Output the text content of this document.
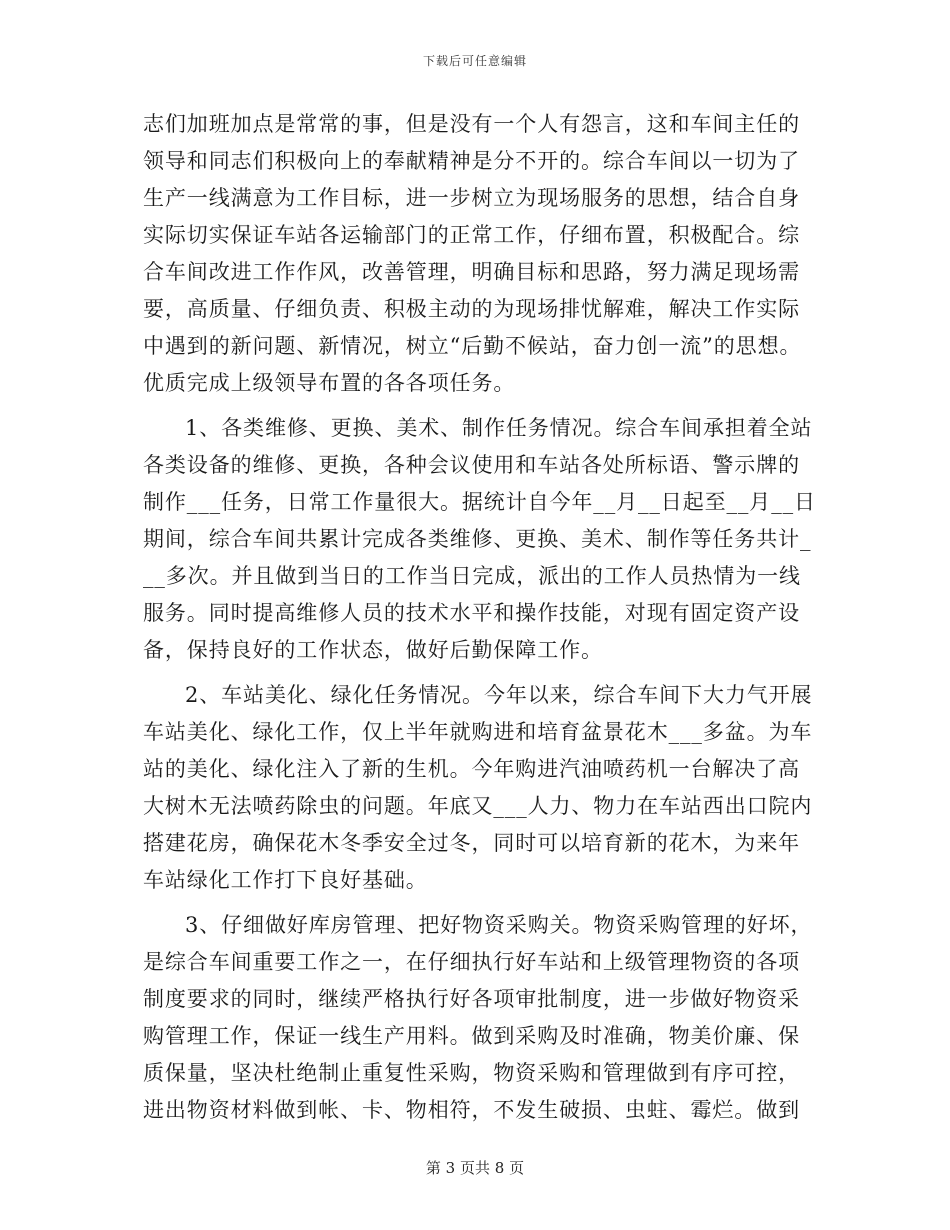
下载后可任意编辑
志们加班加点是常常的事，但是没有一个人有怨言，这和车间主任的
领导和同志们积极向上的奉献精神是分不开的。综合车间以一切为了
生产一线满意为工作目标，进一步树立为现场服务的思想，结合自身
实际切实保证车站各运输部门的正常工作，仔细布置，积极配合。综
合车间改进工作作风，改善管理，明确目标和思路，努力满足现场需
要，高质量、仔细负责、积极主动的为现场排忧解难，解决工作实际
中遇到的新问题、新情况，树立“后勤不候站，奋力创一流”的思想。
优质完成上级领导布置的各各项任务。
1、各类维修、更换、美术、制作任务情况。综合车间承担着全站
各类设备的维修、更换，各种会议使用和车站各处所标语、警示牌的
制作___任务，日常工作量很大。据统计自今年__月__日起至__月__日
期间，综合车间共累计完成各类维修、更换、美术、制作等任务共计_
__多次。并且做到当日的工作当日完成，派出的工作人员热情为一线
服务。同时提高维修人员的技术水平和操作技能，对现有固定资产设
备，保持良好的工作状态，做好后勤保障工作。
2、车站美化、绿化任务情况。今年以来，综合车间下大力气开展
车站美化、绿化工作，仅上半年就购进和培育盆景花木___多盆。为车
站的美化、绿化注入了新的生机。今年购进汽油喷药机一台解决了高
大树木无法喷药除虫的问题。年底又___人力、物力在车站西出口院内
搭建花房，确保花木冬季安全过冬，同时可以培育新的花木，为来年
车站绿化工作打下良好基础。
3、仔细做好库房管理、把好物资采购关。物资采购管理的好坏，
是综合车间重要工作之一，在仔细执行好车站和上级管理物资的各项
制度要求的同时，继续严格执行好各项审批制度，进一步做好物资采
购管理工作，保证一线生产用料。做到采购及时准确，物美价廉、保
质保量，坚决杜绝制止重复性采购，物资采购和管理做到有序可控，
进出物资材料做到帐、卡、物相符，不发生破损、虫蛀、霉烂。做到
第 3 页共 8 页
